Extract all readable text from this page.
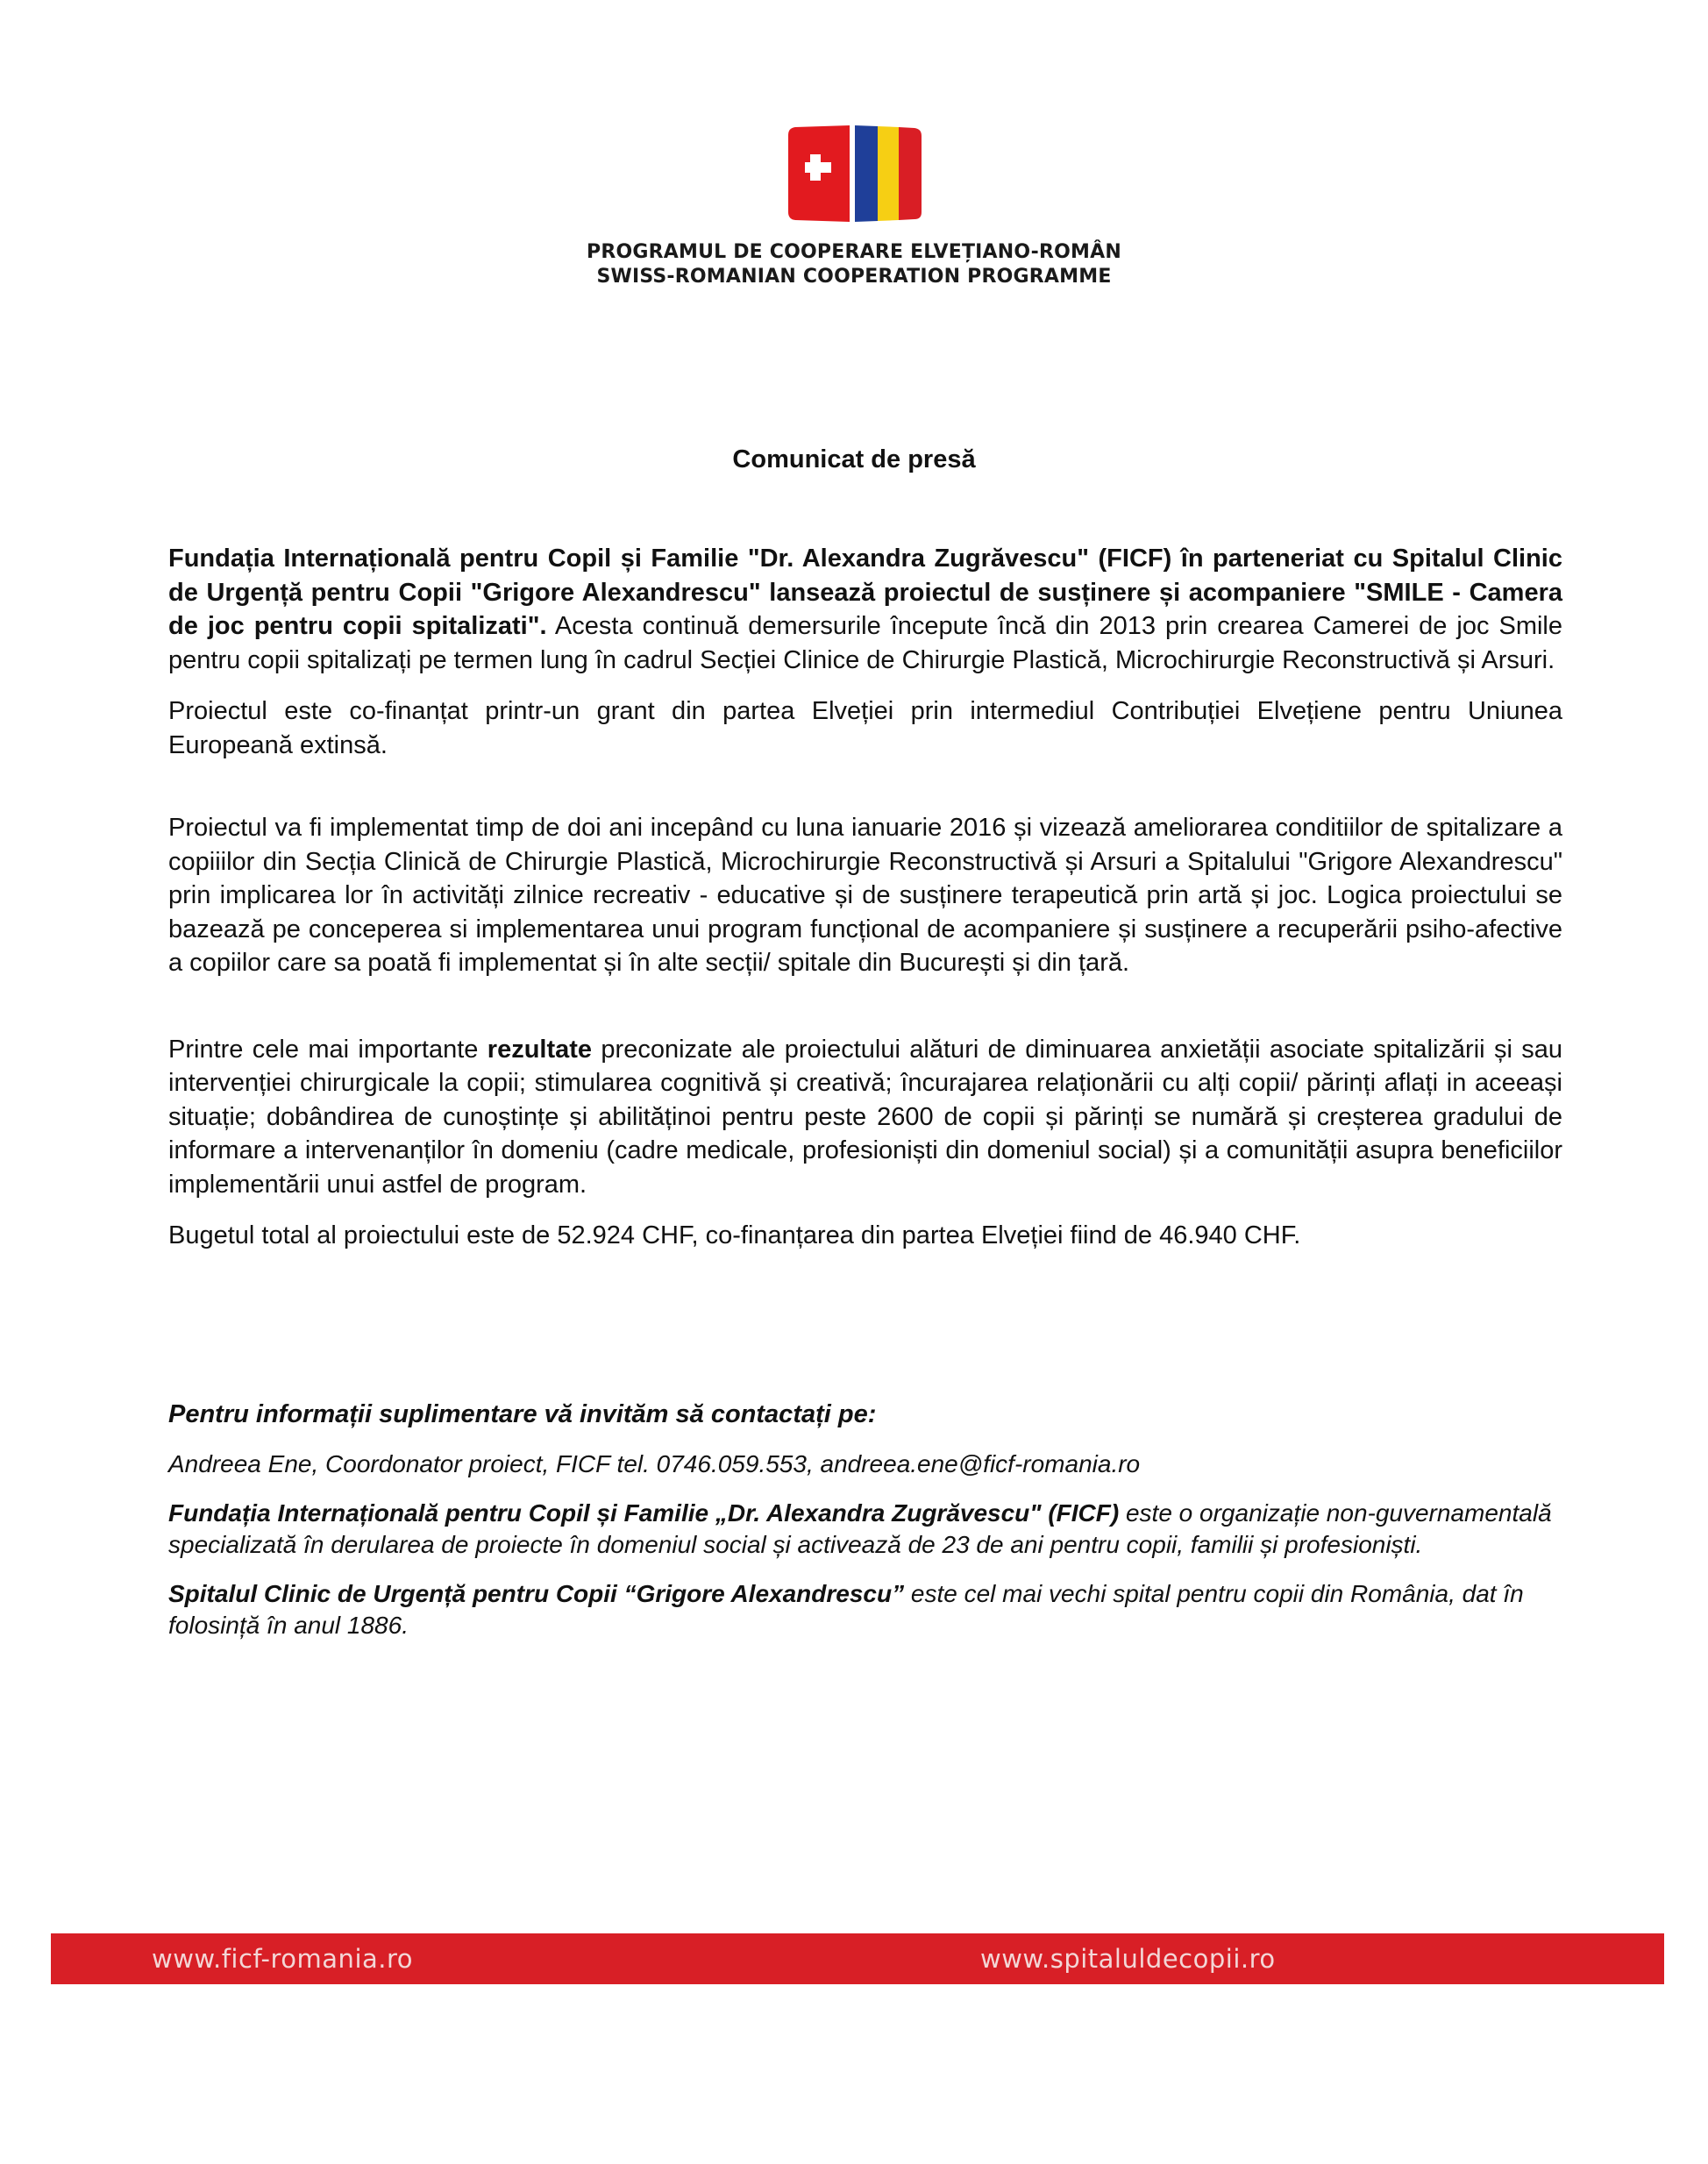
PROGRAMUL DE COOPERARE ELVEȚIANO-ROMÂN
SWISS-ROMANIAN COOPERATION PROGRAMME
Comunicat de presă

Fundația Internațională pentru Copil și Familie "Dr. Alexandra Zugrăvescu" (FICF) în parteneriat cu Spitalul Clinic de Urgență pentru Copii "Grigore Alexandrescu" lansează proiectul de susținere și acompaniere "SMILE - Camera de joc pentru copii spitalizati". Acesta continuă demersurile începute încă din 2013 prin crearea Camerei de joc Smile pentru copii spitalizați pe termen lung în cadrul Secției Clinice de Chirurgie Plastică, Microchirurgie Reconstructivă și Arsuri.

Proiectul este co-finanțat printr-un grant din partea Elveției prin intermediul Contribuției Elvețiene pentru Uniunea Europeană extinsă.

Proiectul va fi implementat timp de doi ani incepând cu luna ianuarie 2016 și vizează ameliorarea conditiilor de spitalizare a copiiilor din Secția Clinică de Chirurgie Plastică, Microchirurgie Reconstructivă și Arsuri a Spitalului "Grigore Alexandrescu" prin implicarea lor în activități zilnice recreativ - educative și de susținere terapeutică prin artă și joc. Logica proiectului se bazează pe conceperea si implementarea unui program funcțional de acompaniere și susținere a recuperării psiho-afective a copiilor care sa poată fi implementat și în alte secții/ spitale din București și din țară.

Printre cele mai importante rezultate preconizate ale proiectului alături de diminuarea anxietății asociate spitalizării și sau intervenției chirurgicale la copii; stimularea cognitivă și creativă; încurajarea relaționării cu alți copii/ părinți aflați in aceeași situație; dobândirea de cunoștințe și abilităținoi pentru peste 2600 de copii și părinți se numără și creșterea gradului de informare a intervenanților în domeniu (cadre medicale, profesioniști din domeniul social) și a comunității asupra beneficiilor implementării unui astfel de program.

Bugetul total al proiectului este de 52.924 CHF, co-finanțarea din partea Elveției fiind de 46.940 CHF.

Pentru informații suplimentare vă invităm să contactați pe:

Andreea Ene, Coordonator proiect, FICF tel. 0746.059.553, andreea.ene@ficf-romania.ro

Fundația Internațională pentru Copil și Familie „Dr. Alexandra Zugrăvescu" (FICF) este o organizație non-guvernamentală specializată în derularea de proiecte în domeniul social și activează de 23 de ani pentru copii, familii și profesioniști.

Spitalul Clinic de Urgență pentru Copii “Grigore Alexandrescu” este cel mai vechi spital pentru copii din România, dat în folosință în anul 1886.

www.ficf-romania.ro	www.spitaluldecopii.ro
